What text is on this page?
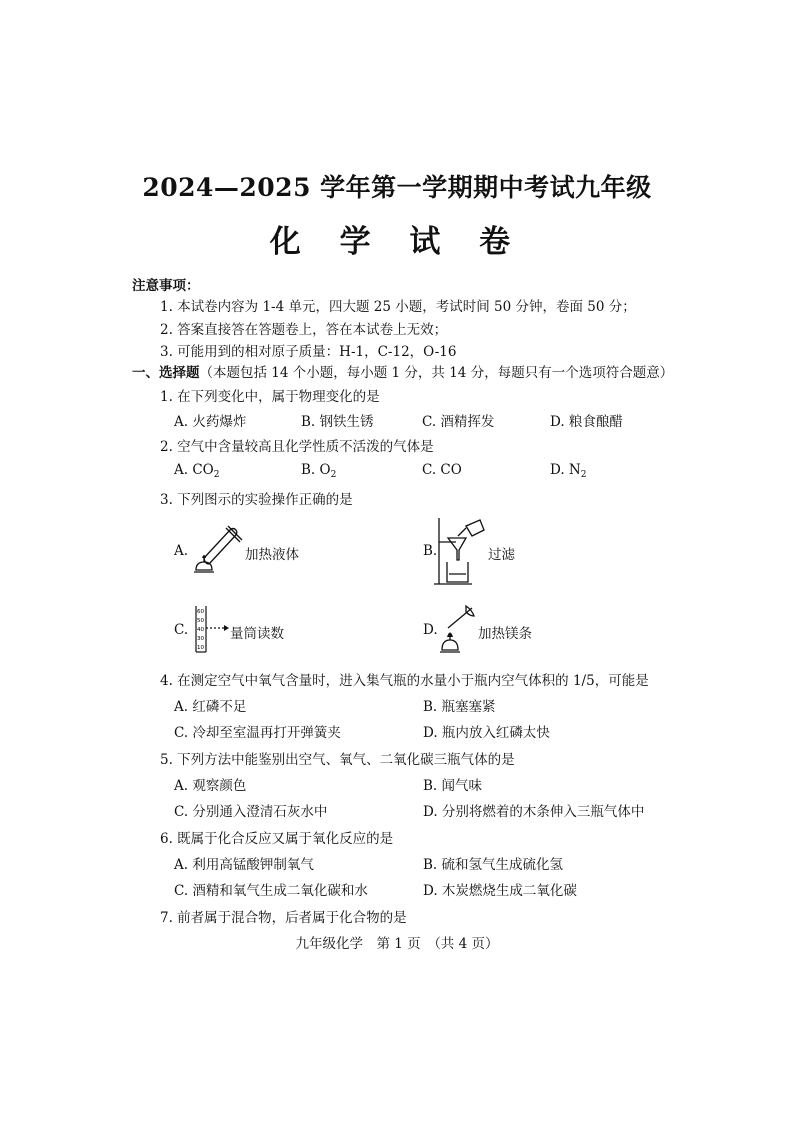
2024—2025 学年第一学期期中考试九年级
化 学 试 卷
注意事项：
1. 本试卷内容为 1-4 单元，四大题 25 小题，考试时间 50 分钟，卷面 50 分；
2. 答案直接答在答题卷上，答在本试卷上无效；
3. 可能用到的相对原子质量：H-1，C-12，O-16
一、选择题（本题包括 14 个小题，每小题 1 分，共 14 分，每题只有一个选项符合题意）
1. 在下列变化中，属于物理变化的是
A. 火药爆炸	B. 钢铁生锈	C. 酒精挥发	D. 粮食酿醋
2. 空气中含量较高且化学性质不活泼的气体是
A. $CO_2$	B. $O_2$	C. CO	D. $N_2$
3. 下列图示的实验操作正确的是
A.	加热液体	B.	过滤
C.
60
50
40
30
10
量筒读数	D.	加热镁条
4. 在测定空气中氧气含量时，进入集气瓶的水量小于瓶内空气体积的 1/5，可能是
A. 红磷不足	B. 瓶塞塞紧
C. 冷却至室温再打开弹簧夹	D. 瓶内放入红磷太快
5. 下列方法中能鉴别出空气、氧气、二氧化碳三瓶气体的是
A. 观察颜色	B. 闻气味
C. 分别通入澄清石灰水中	D. 分别将燃着的木条伸入三瓶气体中
6. 既属于化合反应又属于氧化反应的是
A. 利用高锰酸钾制氧气	B. 硫和氢气生成硫化氢
C. 酒精和氧气生成二氧化碳和水	D. 木炭燃烧生成二氧化碳
7. 前者属于混合物，后者属于化合物的是
九年级化学　第 1 页　（共 4 页）
